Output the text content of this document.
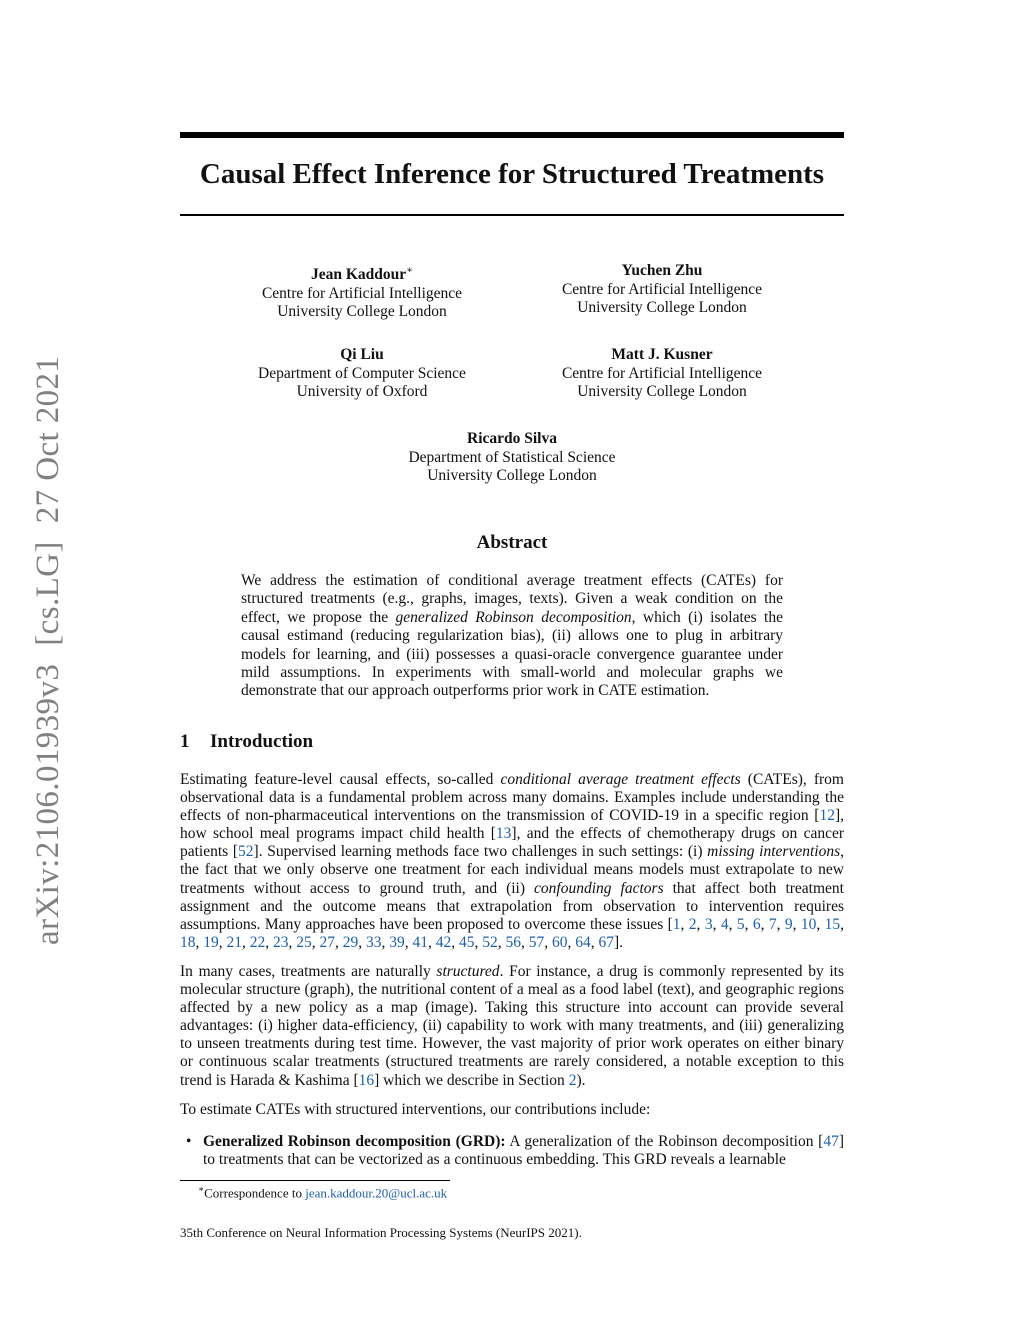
arXiv:2106.01939v3[cs.LG]27 Oct 2021
Causal Effect Inference for Structured Treatments
Jean Kaddour∗
Centre for Artificial Intelligence
University College London
Yuchen Zhu
Centre for Artificial Intelligence
University College London
Qi Liu
Department of Computer Science
University of Oxford
Matt J. Kusner
Centre for Artificial Intelligence
University College London
Ricardo Silva
Department of Statistical Science
University College London
Abstract

We address the estimation of conditional average treatment effects (CATEs) for structured treatments (e.g., graphs, images, texts). Given a weak condition on the effect, we propose the generalized Robinson decomposition, which (i) isolates the causal estimand (reducing regularization bias), (ii) allows one to plug in arbitrary models for learning, and (iii) possesses a quasi-oracle convergence guarantee under mild assumptions. In experiments with small-world and molecular graphs we demonstrate that our approach outperforms prior work in CATE estimation.

1 Introduction

Estimating feature-level causal effects, so-called conditional average treatment effects (CATEs), from observational data is a fundamental problem across many domains. Examples include understanding the effects of non-pharmaceutical interventions on the transmission of COVID-19 in a specific region [12], how school meal programs impact child health [13], and the effects of chemotherapy drugs on cancer patients [52]. Supervised learning methods face two challenges in such settings: (i) missing interventions, the fact that we only observe one treatment for each individual means models must extrapolate to new treatments without access to ground truth, and (ii) confounding factors that affect both treatment assignment and the outcome means that extrapolation from observation to intervention requires assumptions. Many approaches have been proposed to overcome these issues [1, 2, 3, 4, 5, 6, 7, 9, 10, 15, 18, 19, 21, 22, 23, 25, 27, 29, 33, 39, 41, 42, 45, 52, 56, 57, 60, 64, 67].

In many cases, treatments are naturally structured. For instance, a drug is commonly represented by its molecular structure (graph), the nutritional content of a meal as a food label (text), and geographic regions affected by a new policy as a map (image). Taking this structure into account can provide several advantages: (i) higher data-efficiency, (ii) capability to work with many treatments, and (iii) generalizing to unseen treatments during test time. However, the vast majority of prior work operates on either binary or continuous scalar treatments (structured treatments are rarely considered, a notable exception to this trend is Harada & Kashima [16] which we describe in Section 2).

To estimate CATEs with structured interventions, our contributions include:

• Generalized Robinson decomposition (GRD): A generalization of the Robinson decomposition [47] to treatments that can be vectorized as a continuous embedding. This GRD reveals a learnable
∗Correspondence to jean.kaddour.20@ucl.ac.uk
35th Conference on Neural Information Processing Systems (NeurIPS 2021).
